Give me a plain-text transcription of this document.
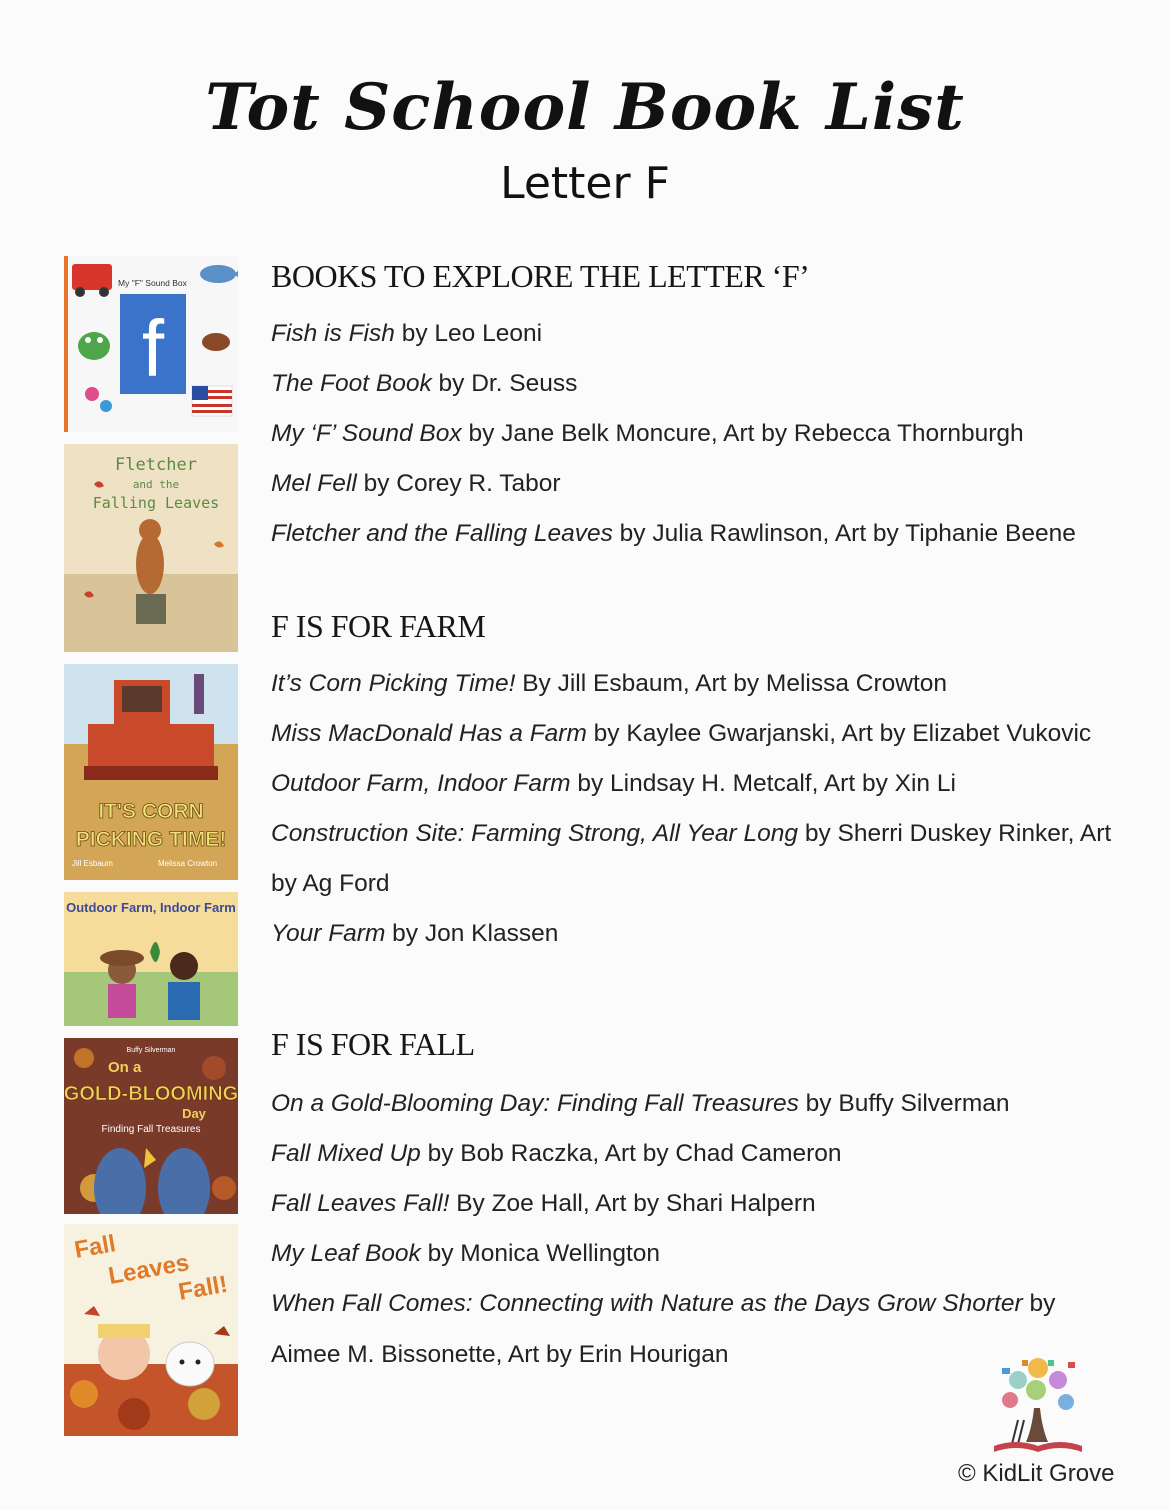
Tot School Book List
Letter F
My "F" Sound Box
f
Fletcher
and the
Falling Leaves
IT'S CORN
PICKING TIME!
Jill Esbaum	Melissa Crowton
Outdoor Farm, Indoor Farm
Buffy Silverman
On a
GOLD-BLOOMING
Day
Finding Fall Treasures
Fall
Leaves
Fall!
BOOKS TO EXPLORE THE LETTER ‘F’
Fish is Fish by Leo Leoni
The Foot Book by Dr. Seuss
My ‘F’ Sound Box by Jane Belk Moncure, Art by Rebecca Thornburgh
Mel Fell by Corey R. Tabor
Fletcher and the Falling Leaves by Julia Rawlinson, Art by Tiphanie Beene
F IS FOR FARM
It’s Corn Picking Time! By Jill Esbaum, Art by Melissa Crowton
Miss MacDonald Has a Farm by Kaylee Gwarjanski, Art by Elizabet Vukovic
Outdoor Farm, Indoor Farm by Lindsay H. Metcalf, Art by Xin Li
Construction Site: Farming Strong, All Year Long by Sherri Duskey Rinker, Art
by Ag Ford
Your Farm by Jon Klassen
F IS FOR FALL
On a Gold-Blooming Day: Finding Fall Treasures by Buffy Silverman
Fall Mixed Up by Bob Raczka, Art by Chad Cameron
Fall Leaves Fall! By Zoe Hall, Art by Shari Halpern
My Leaf Book by Monica Wellington
When Fall Comes: Connecting with Nature as the Days Grow Shorter by
Aimee M. Bissonette, Art by Erin Hourigan
© KidLit Grove
